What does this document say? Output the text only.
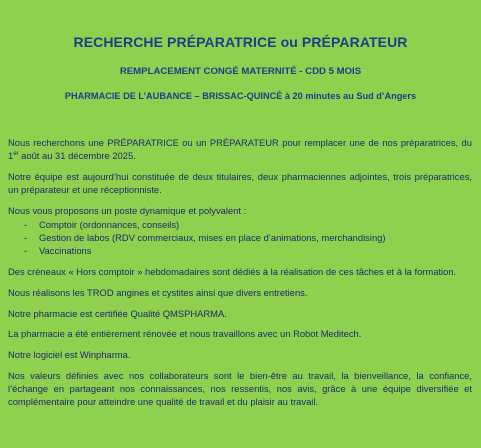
RECHERCHE PRÉPARATRICE ou PRÉPARATEUR
REMPLACEMENT CONGÉ MATERNITÉ - CDD 5 MOIS
PHARMACIE DE L’AUBANCE – BRISSAC-QUINCÉ à 20 minutes au Sud d’Angers

Nous recherchons une PRÉPARATRICE ou un PRÉPARATEUR pour remplacer une de nos préparatrices, du 1er août au 31 décembre 2025.

Notre équipe est aujourd’hui constituée de deux titulaires, deux pharmaciennes adjointes, trois préparatrices, un préparateur et une réceptionniste.

Nous vous proposons un poste dynamique et polyvalent :

- Comptoir (ordonnances, conseils)
- Gestion de labos (RDV commerciaux, mises en place d’animations, merchandising)
- Vaccinations

Des créneaux « Hors comptoir » hebdomadaires sont dédiés à la réalisation de ces tâches et à la formation.

Nous réalisons les TROD angines et cystites ainsi que divers entretiens.

Notre pharmacie est certifiée Qualité QMSPHARMA.

La pharmacie a été entièrement rénovée et nous travaillons avec un Robot Meditech.

Notre logiciel est Winpharma.

Nos valeurs définies avec nos collaborateurs sont le bien-être au travail, la bienveillance, la confiance, l’échange en partageant nos connaissances, nos ressentis, nos avis, grâce à une équipe diversifiée et complémentaire pour atteindre une qualité de travail et du plaisir au travail.
